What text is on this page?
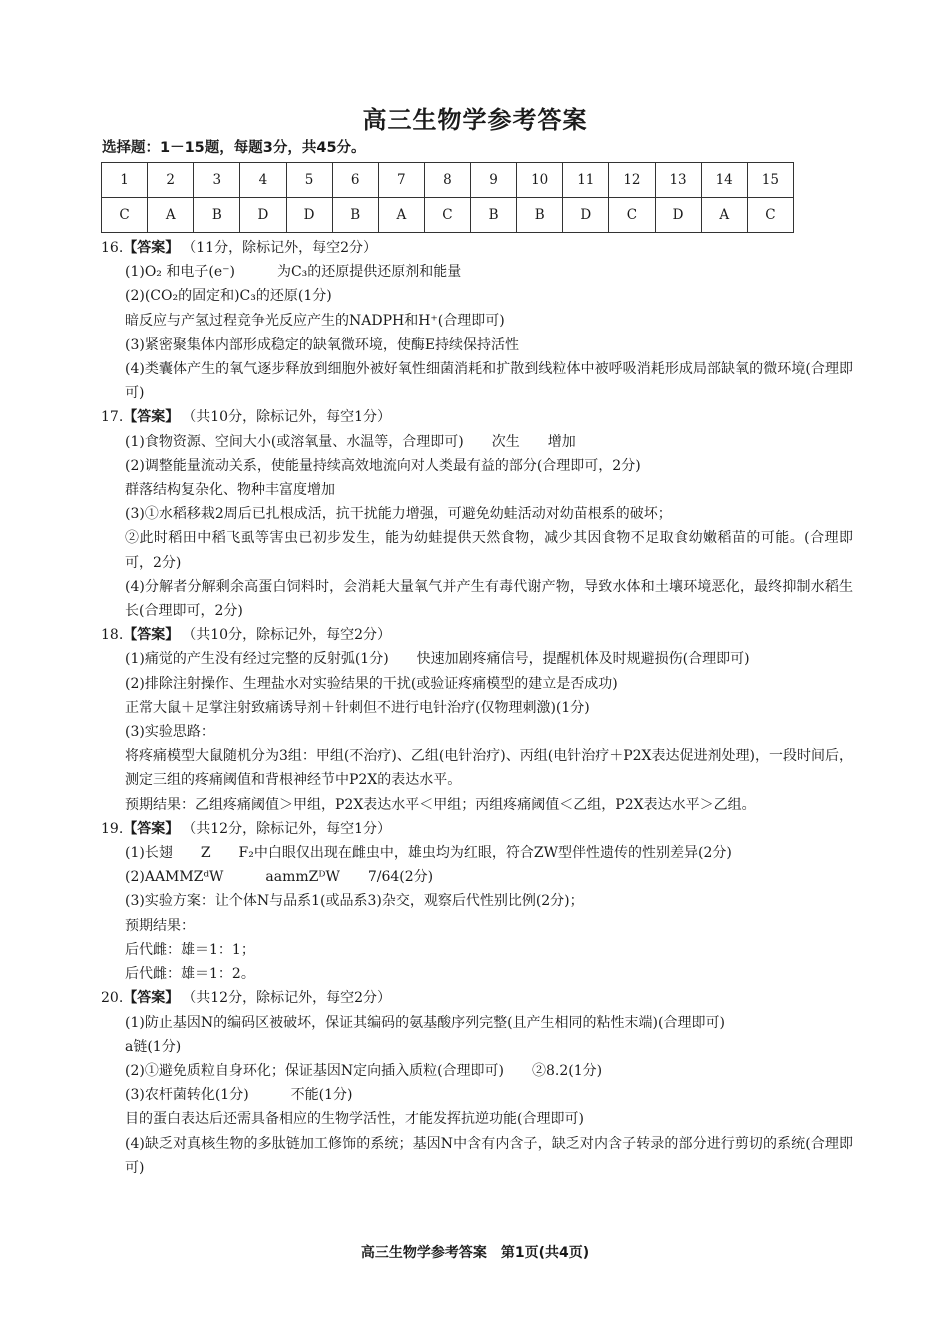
高三生物学参考答案
选择题：1－15题，每题3分，共45分。
1	2	3	4	5	6	7	8	9	10	11	12	13	14	15
C	A	B	D	D	B	A	C	B	B	D	C	D	A	C
16.【答案】 （11分，除标记外，每空2分）
(1)O₂ 和电子(e⁻)　　　为C₃的还原提供还原剂和能量
(2)(CO₂的固定和)C₃的还原(1分)
暗反应与产氢过程竞争光反应产生的NADPH和H⁺(合理即可)
(3)紧密聚集体内部形成稳定的缺氧微环境，使酶E持续保持活性
(4)类囊体产生的氧气逐步释放到细胞外被好氧性细菌消耗和扩散到线粒体中被呼吸消耗形成局部缺氧的微环境(合理即可)
17.【答案】 （共10分，除标记外，每空1分）
(1)食物资源、空间大小(或溶氧量、水温等，合理即可)　　次生　　增加
(2)调整能量流动关系，使能量持续高效地流向对人类最有益的部分(合理即可，2分)
群落结构复杂化、物种丰富度增加
(3)①水稻移栽2周后已扎根成活，抗干扰能力增强，可避免幼蛙活动对幼苗根系的破坏；
②此时稻田中稻飞虱等害虫已初步发生，能为幼蛙提供天然食物，减少其因食物不足取食幼嫩稻苗的可能。(合理即可，2分)
(4)分解者分解剩余高蛋白饲料时，会消耗大量氧气并产生有毒代谢产物，导致水体和土壤环境恶化，最终抑制水稻生长(合理即可，2分)
18.【答案】 （共10分，除标记外，每空2分）
(1)痛觉的产生没有经过完整的反射弧(1分)　　快速加剧疼痛信号，提醒机体及时规避损伤(合理即可)
(2)排除注射操作、生理盐水对实验结果的干扰(或验证疼痛模型的建立是否成功)
正常大鼠＋足掌注射致痛诱导剂＋针刺但不进行电针治疗(仅物理刺激)(1分)
(3)实验思路：
将疼痛模型大鼠随机分为3组：甲组(不治疗)、乙组(电针治疗)、丙组(电针治疗＋P2X表达促进剂处理)，一段时间后，测定三组的疼痛阈值和背根神经节中P2X的表达水平。
预期结果：乙组疼痛阈值＞甲组，P2X表达水平＜甲组；丙组疼痛阈值＜乙组，P2X表达水平＞乙组。
19.【答案】 （共12分，除标记外，每空1分）
(1)长翅　　Z　　F₂中白眼仅出现在雌虫中，雄虫均为红眼，符合ZW型伴性遗传的性别差异(2分)
(2)AAMMZᵈW　　　aammZᴰW　　7/64(2分)
(3)实验方案：让个体N与品系1(或品系3)杂交，观察后代性别比例(2分)；
预期结果：
后代雌：雄＝1：1；
后代雌：雄＝1：2。
20.【答案】 （共12分，除标记外，每空2分）
(1)防止基因N的编码区被破坏，保证其编码的氨基酸序列完整(且产生相同的粘性末端)(合理即可)
a链(1分)
(2)①避免质粒自身环化；保证基因N定向插入质粒(合理即可)　　②8.2(1分)
(3)农杆菌转化(1分)　　　不能(1分)
目的蛋白表达后还需具备相应的生物学活性，才能发挥抗逆功能(合理即可)
(4)缺乏对真核生物的多肽链加工修饰的系统；基因N中含有内含子，缺乏对内含子转录的部分进行剪切的系统(合理即可)
高三生物学参考答案　第1页(共4页)
